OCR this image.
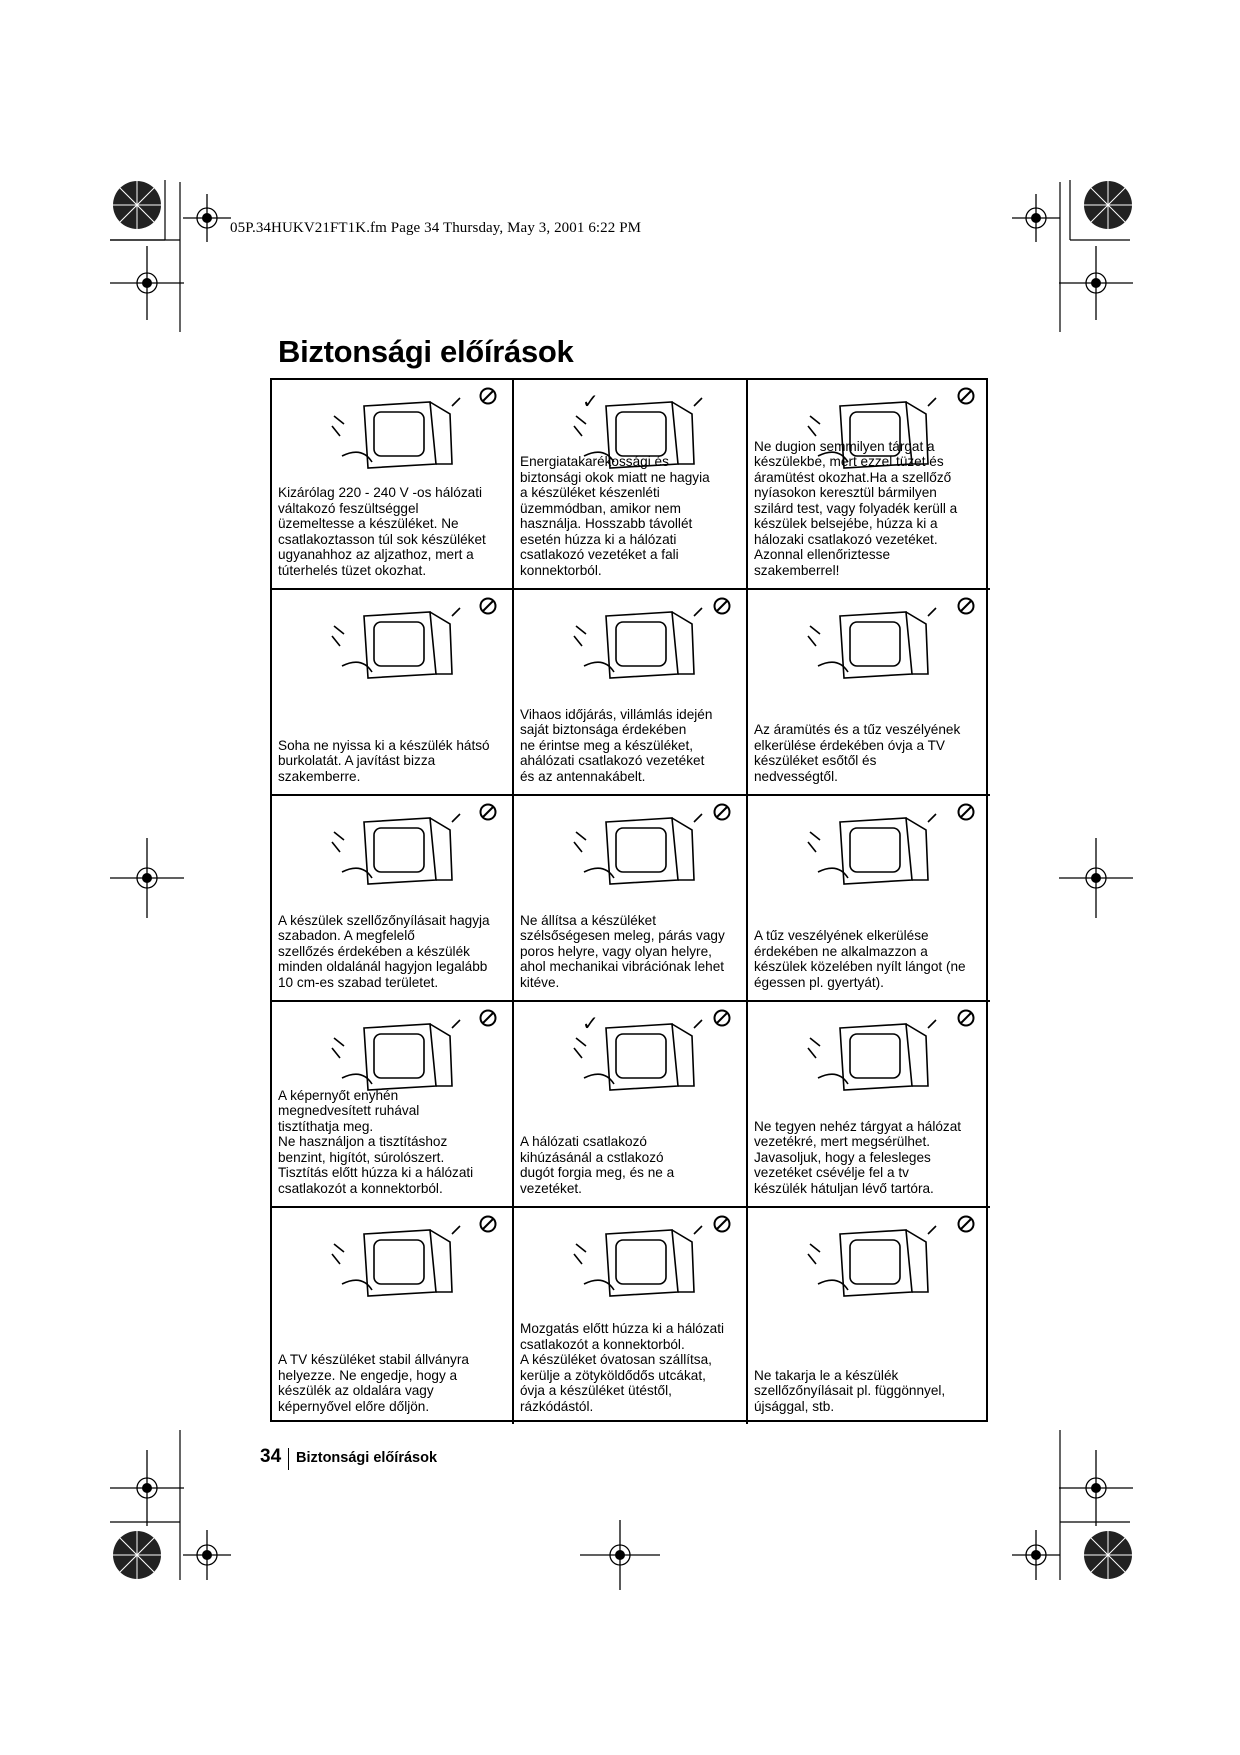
05P.34HUKV21FT1K.fm Page 34 Thursday, May 3, 2001 6:22 PM
Biztonsági előírások
Kizárólag 220 - 240 V -os hálózati
váltakozó feszültséggel
üzemeltesse a készüléket. Ne
csatlakoztasson túl sok készüléket
ugyanahhoz az aljzathoz, mert a
túterhelés tüzet okozhat.
✓
Energiatakarékossági és
biztonsági okok miatt ne hagyia
a készüléket készenléti
üzemmódban, amikor nem
használja. Hosszabb távollét
esetén húzza ki a hálózati
csatlakozó vezetéket a fali
konnektorból.
Ne dugion semmilyen tárgat a
készülekbe, mert ezzel tüzet és
áramütést okozhat.Ha a szellőző
nyíasokon keresztül bármilyen
szilárd test, vagy folyadék kerüll a
készülek belsejébe, húzza ki a
hálozaki csatlakozó vezetéket.
Azonnal ellenőriztesse
szakemberrel!
Soha ne nyissa ki a készülék hátsó
burkolatát. A javítást bizza
szakemberre.
Vihaos időjárás, villámlás idején
saját biztonsága érdekében
ne érintse meg a készüléket,
ahálózati csatlakozó vezetéket
és az antennakábelt.
Az áramütés és a tűz veszélyének
elkerülése érdekében óvja a TV
készüléket esőtől és
nedvességtől.
A készülek szellőzőnyílásait hagyja
szabadon. A megfelelő
szellőzés érdekében a készülék
minden oldalánál hagyjon legalább
10 cm-es szabad területet.
Ne állítsa a készüléket
szélsőségesen meleg, párás vagy
poros helyre, vagy olyan helyre,
ahol mechanikai vibrációnak lehet
kitéve.
A tűz veszélyének elkerülése
érdekében ne alkalmazzon a
készülek közelében nyílt lángot (ne
égessen pl. gyertyát).
A képernyőt enyhén
megnedvesített ruhával
tisztíthatja meg.
Ne használjon a tisztításhoz
benzint, higítót, súrolószert.
Tisztítás előtt húzza ki a hálózati
csatlakozót a konnektorból.
✓
A hálózati csatlakozó
kihúzásánál a cstlakozó
dugót forgia meg, és ne a
vezetéket.
Ne tegyen nehéz tárgyat a hálózat
vezetékré, mert megsérülhet.
Javasoljuk, hogy a felesleges
vezetéket csévélje fel a tv
készülék hátuljan lévő tartóra.
A TV készüléket stabil állványra
helyezze. Ne engedje, hogy a
készülék az oldalára vagy
képernyővel előre dőljön.
Mozgatás előtt húzza ki a hálózati
csatlakozót a konnektorból.
A készüléket óvatosan szállítsa,
kerülje a zötyköldődős utcákat,
óvja a készüléket ütéstől,
rázkódástól.
Ne takarja le a készülék
szellőzőnyílásait pl. függönnyel,
újsággal, stb.
34 Biztonsági előírások
